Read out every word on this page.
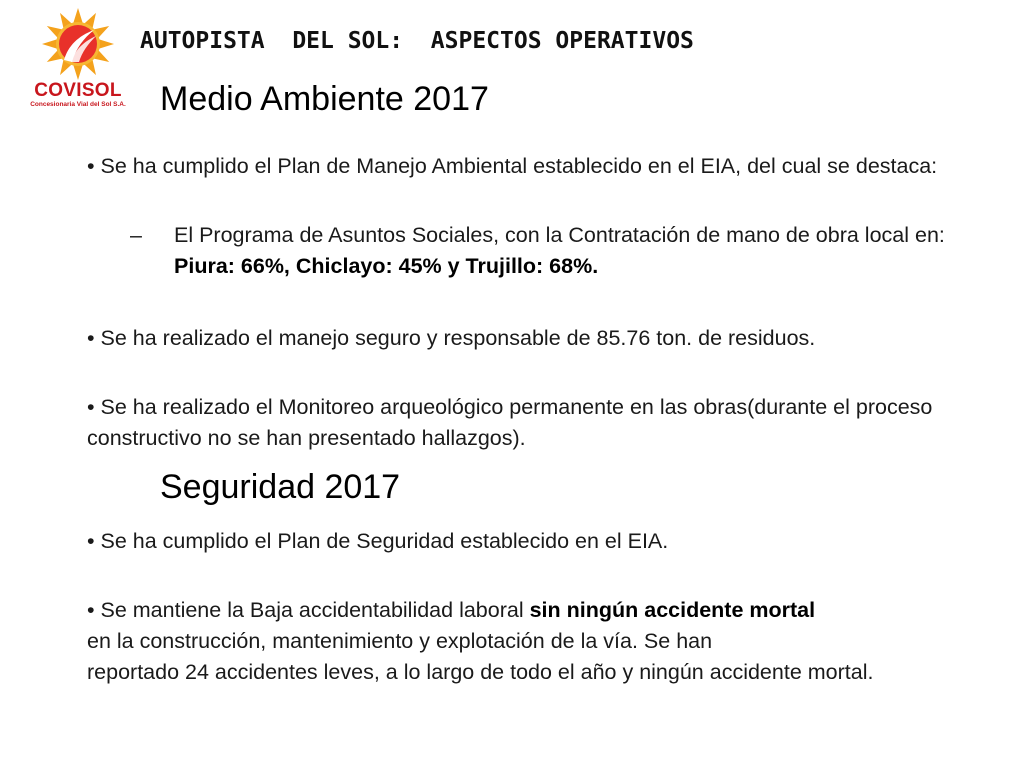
COVISOL
Concesionaria Vial del Sol S.A.
AUTOPISTA  DEL SOL:  ASPECTOS OPERATIVOS
Medio Ambiente 2017
• Se ha cumplido el Plan de Manejo Ambiental establecido en el EIA, del cual se destaca:
‒	El Programa de Asuntos Sociales, con la Contratación de mano de obra local en: Piura: 66%, Chiclayo: 45% y Trujillo: 68%.
• Se ha realizado el manejo seguro y responsable de 85.76 ton. de residuos.
• Se ha realizado el Monitoreo arqueológico permanente en las obras(durante el proceso constructivo no se han presentado hallazgos).
Seguridad 2017
• Se ha cumplido el Plan de Seguridad establecido en el EIA.
• Se mantiene la Baja accidentabilidad laboral sin ningún accidente mortal
en la construcción, mantenimiento y explotación de la vía. Se han
reportado 24 accidentes leves, a lo largo de todo el año y ningún accidente mortal.
